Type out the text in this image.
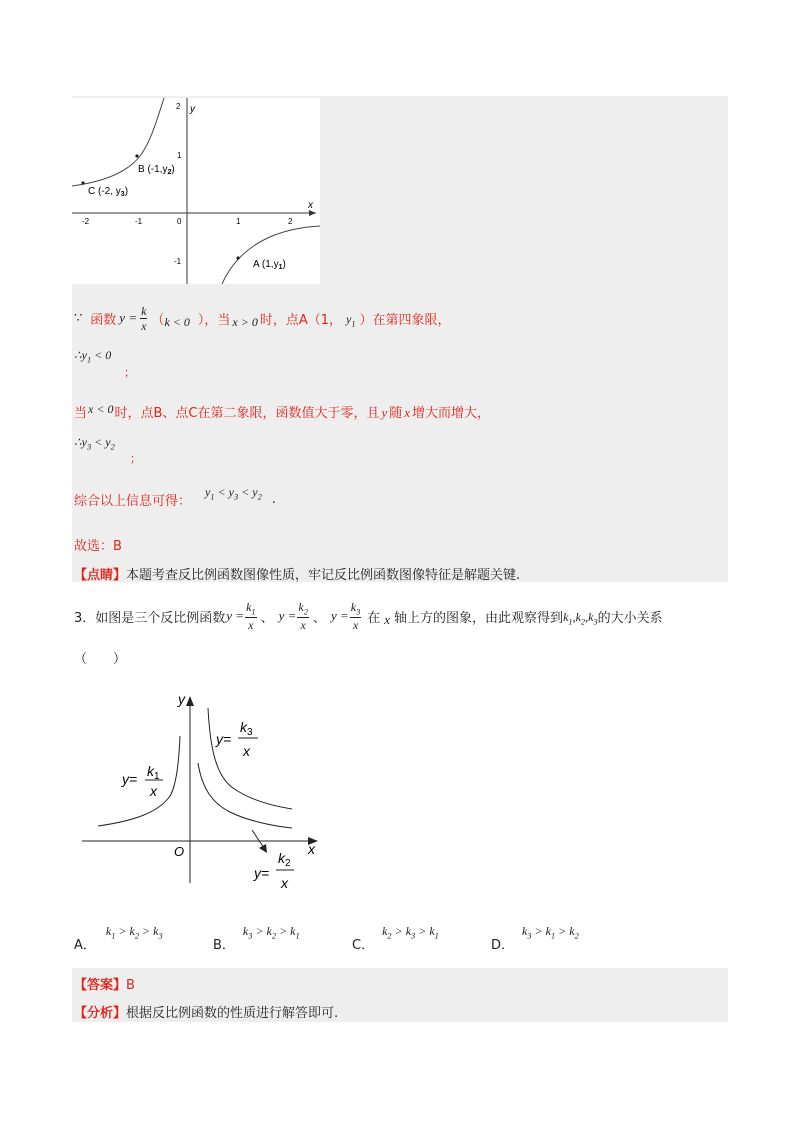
y
x
2
1
-1
-2	-1	0	1	2
B $(-1,y_2)$
C (-2, $y_3$)
A $(1,y_1)$
∵ 函数 $y = \frac{k}{x}$ （ k < 0 ），当 x > 0 时，点A（1， $y_1$ ）在第四象限，
$\therefore y_1 < 0$
；
当x < 0时，点B、点C在第二象限，函数值大于零，且 y 随 x 增大而增大，
$\therefore y_3 < y_2$
；
综合以上信息可得：
$y_1 < y_3 < y_2$ .
故选：B
【点睛】本题考查反比例函数图像性质，牢记反比例函数图像特征是解题关键.
3．如图是三个反比例函数 $y = \frac{k_1}{x}$ 、 $y = \frac{k_2}{x}$ 、 $y = \frac{k_3}{x}$ 在 x 轴上方的图象，由此观察得到 $k_1,k_2,k_3$ 的大小关系
（　　）
y
x
O
$y= k_1$
x
y=
$k_3$
x
y=
$k_2$
x
A．
$k_1 > k_2 > k_3$
B．
$k_3 > k_2 > k_1$
C．
$k_2 > k_3 > k_1$
D．
$k_3 > k_1 > k_2$
【答案】B
【分析】根据反比例函数的性质进行解答即可.
